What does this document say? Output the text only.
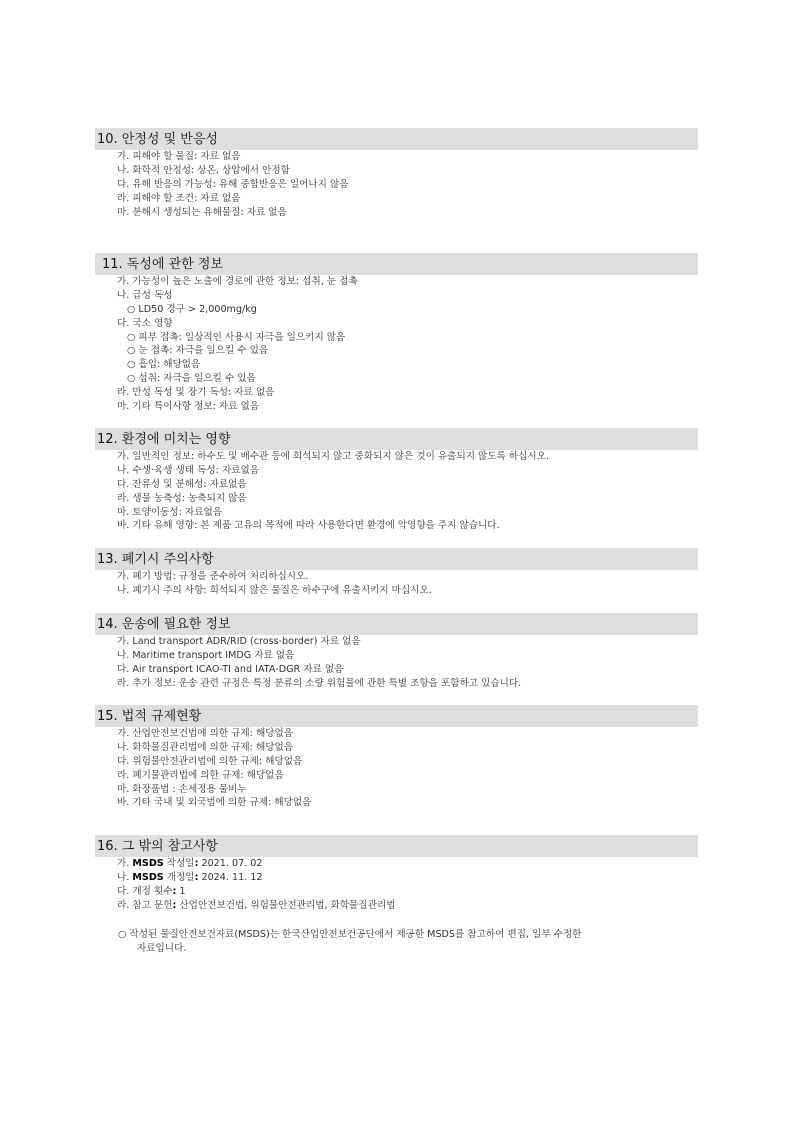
10. 안정성 및 반응성
가. 피해야 할 물질: 자료 없음
나. 화학적 안정성: 상온, 상압에서 안정함
다. 유해 반응의 가능성: 유해 중합반응은 일어나지 않음
라. 피해야 할 조건: 자료 없음
마. 분해시 생성되는 유해물질: 자료 없음
11. 독성에 관한 정보
가. 가능성이 높은 노출에 경로에 관한 정보: 섭취, 눈 접촉
나. 급성 독성
○ LD50 경구 > 2,000mg/kg
다. 국소 영향
○ 피부 접촉: 일상적인 사용시 자극을 일으키지 않음
○ 눈 접촉: 자극을 일으킬 수 있음
○ 흡입: 해당없음
○ 섭취: 자극을 일으킬 수 있음
라. 만성 독성 및 장기 독성: 자료 없음
마. 기타 특이사항 정보: 자료 없음
12. 환경에 미치는 영향
가. 일반적인 정보: 하수도 및 배수관 등에 희석되지 않고 중화되지 않은 것이 유출되지 않도록 하십시오.
나. 수생·육생 생태 독성: 자료없음
다. 잔류성 및 분해성: 자료없음
라. 생물 농축성: 농축되지 않음
마. 토양이동성: 자료없음
바. 기타 유해 영향: 본 제품 고유의 목적에 따라 사용한다면 환경에 악영향을 주지 않습니다.
13. 폐기시 주의사항
가. 폐기 방법: 규정을 준수하여 처리하십시오.
나. 폐기시 주의 사항: 희석되지 않은 물질은 하수구에 유출시키지 마십시오.
14. 운송에 필요한 정보
가. Land transport ADR/RID (cross-border) 자료 없음
나. Maritime transport IMDG 자료 없음
다. Air transport ICAO-TI and IATA-DGR 자료 없음
라. 추가 정보: 운송 관련 규정은 특정 분류의 소량 위험물에 관한 특별 조항을 포함하고 있습니다.
15. 법적 규제현황
가. 산업안전보건법에 의한 규제: 해당없음
나. 화학물질관리법에 의한 규제: 해당없음
다. 위험물안전관리법에 의한 규제: 해당없음
라. 폐기물관리법에 의한 규제: 해당없음
마. 화장품법 : 손세정용 물비누
바. 기타 국내 및 외국법에 의한 규제: 해당없음
16. 그 밖의 참고사항
가. MSDS 작성일: 2021. 07. 02
나. MSDS 개정일: 2024. 11. 12
다. 개정 횟수: 1
라. 참고 문헌: 산업안전보건법, 위험물안전관리법, 화학물질관리법
○ 작성된 물질안전보건자료(MSDS)는 한국산업안전보건공단에서 제공한 MSDS를 참고하여 편집, 일부 수정한
자료입니다.
